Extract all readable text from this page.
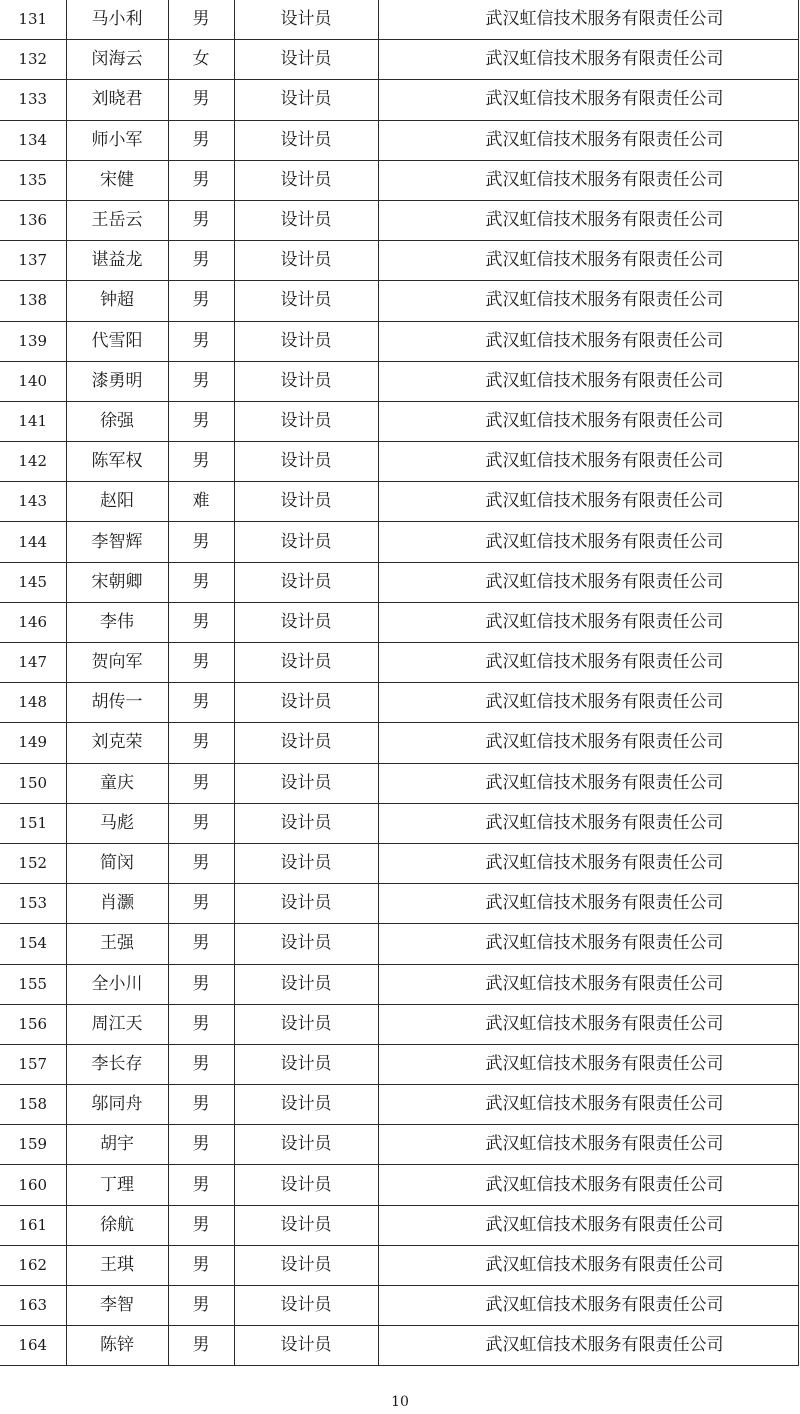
131	马小利	男	设计员	武汉虹信技术服务有限责任公司
132	闵海云	女	设计员	武汉虹信技术服务有限责任公司
133	刘晓君	男	设计员	武汉虹信技术服务有限责任公司
134	师小军	男	设计员	武汉虹信技术服务有限责任公司
135	宋健	男	设计员	武汉虹信技术服务有限责任公司
136	王岳云	男	设计员	武汉虹信技术服务有限责任公司
137	谌益龙	男	设计员	武汉虹信技术服务有限责任公司
138	钟超	男	设计员	武汉虹信技术服务有限责任公司
139	代雪阳	男	设计员	武汉虹信技术服务有限责任公司
140	漆勇明	男	设计员	武汉虹信技术服务有限责任公司
141	徐强	男	设计员	武汉虹信技术服务有限责任公司
142	陈军权	男	设计员	武汉虹信技术服务有限责任公司
143	赵阳	难	设计员	武汉虹信技术服务有限责任公司
144	李智辉	男	设计员	武汉虹信技术服务有限责任公司
145	宋朝卿	男	设计员	武汉虹信技术服务有限责任公司
146	李伟	男	设计员	武汉虹信技术服务有限责任公司
147	贺向军	男	设计员	武汉虹信技术服务有限责任公司
148	胡传一	男	设计员	武汉虹信技术服务有限责任公司
149	刘克荣	男	设计员	武汉虹信技术服务有限责任公司
150	童庆	男	设计员	武汉虹信技术服务有限责任公司
151	马彪	男	设计员	武汉虹信技术服务有限责任公司
152	简闵	男	设计员	武汉虹信技术服务有限责任公司
153	肖灏	男	设计员	武汉虹信技术服务有限责任公司
154	王强	男	设计员	武汉虹信技术服务有限责任公司
155	全小川	男	设计员	武汉虹信技术服务有限责任公司
156	周江天	男	设计员	武汉虹信技术服务有限责任公司
157	李长存	男	设计员	武汉虹信技术服务有限责任公司
158	邬同舟	男	设计员	武汉虹信技术服务有限责任公司
159	胡宇	男	设计员	武汉虹信技术服务有限责任公司
160	丁理	男	设计员	武汉虹信技术服务有限责任公司
161	徐航	男	设计员	武汉虹信技术服务有限责任公司
162	王琪	男	设计员	武汉虹信技术服务有限责任公司
163	李智	男	设计员	武汉虹信技术服务有限责任公司
164	陈锌	男	设计员	武汉虹信技术服务有限责任公司
10
